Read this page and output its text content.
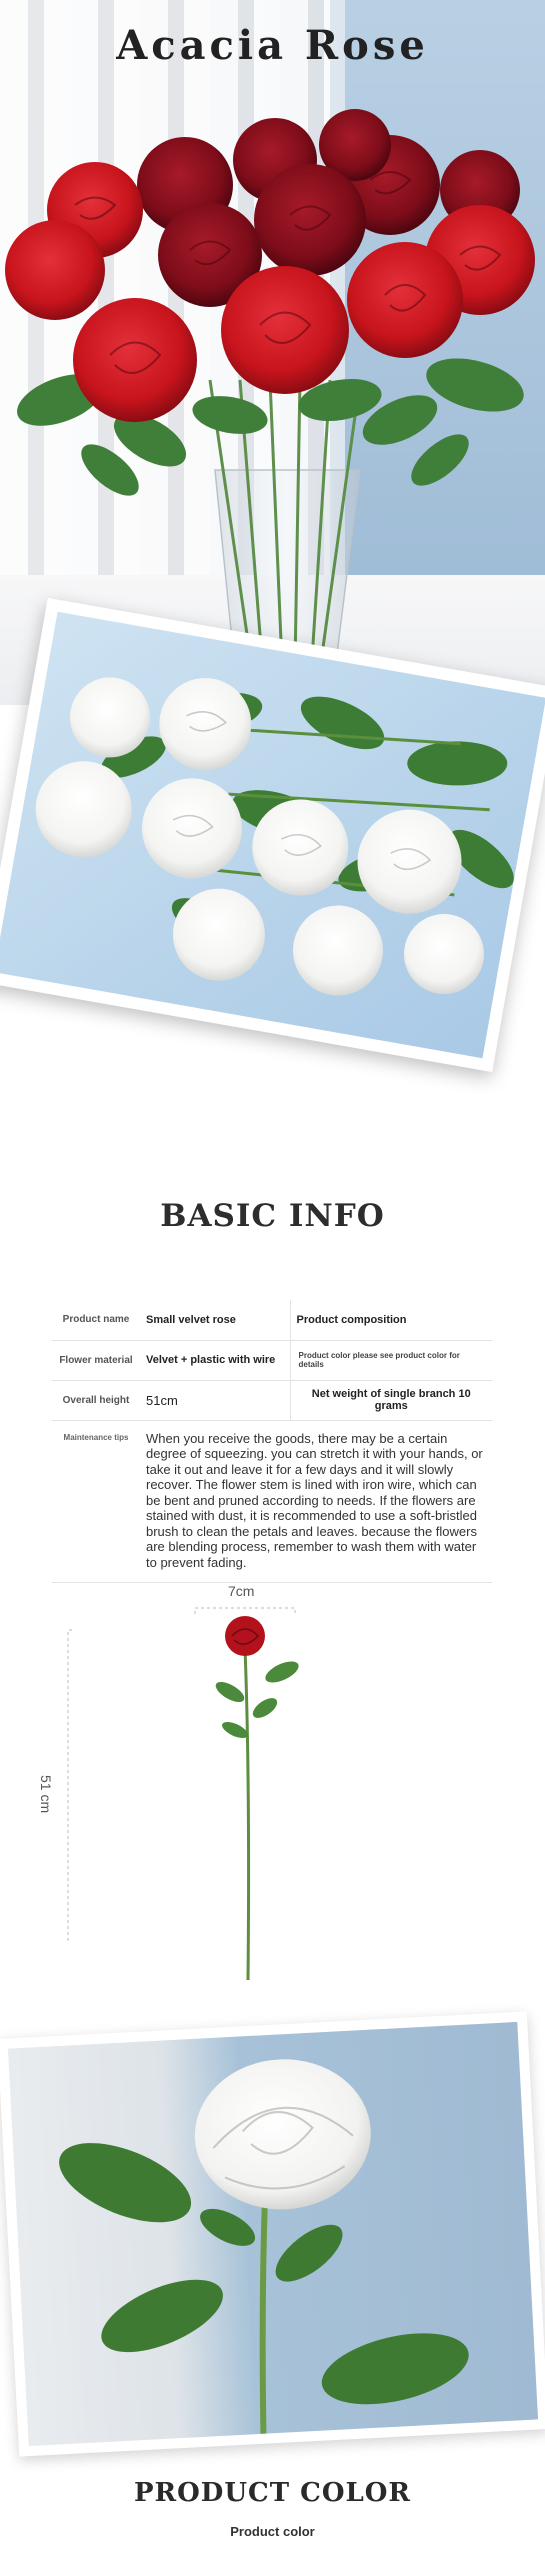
Acacia Rose
BASIC INFO
Product name	Small velvet rose	Product composition
Flower material	Velvet + plastic with wire	Product color please see product color for details
Overall height	51cm	Net weight of single branch 10 grams
Maintenance tips	When you receive the goods, there may be a certain degree of squeezing. you can stretch it with your hands, or take it out and leave it for a few days and it will slowly recover. The flower stem is lined with iron wire, which can be bent and pruned according to needs. If the flowers are stained with dust, it is recommended to use a soft-bristled brush to clean the petals and leaves. because the flowers are blending process, remember to wash them with water to prevent fading.	
7cm
51 cm
PRODUCT COLOR
Product color
